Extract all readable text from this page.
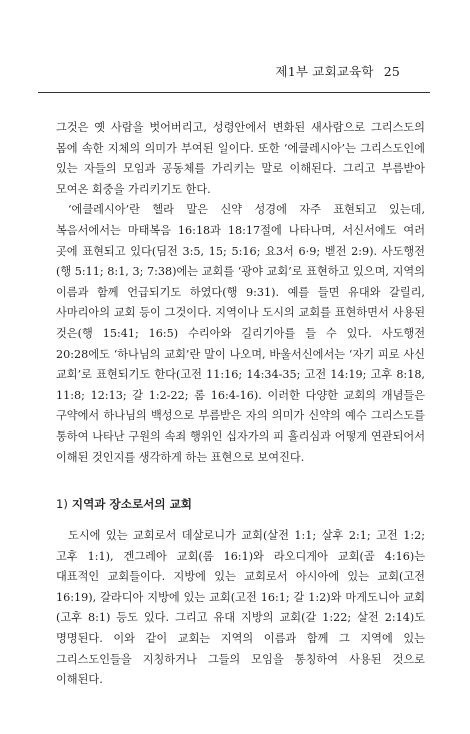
제1부 교회교육학 25

그것은 옛 사람을 벗어버리고, 성령안에서 변화된 새사람으로 그리스도의 몸에 속한 지체의 의미가 부여된 일이다. 또한 ‘에클레시아’는 그리스도인에 있는 자들의 모임과 공동체를 가리키는 말로 이해된다. 그리고 부름받아 모여온 회중을 가리키기도 한다.

‘에클레시아’란 헬라 말은 신약 성경에 자주 표현되고 있는데, 복음서에서는 마태복음 16:18과 18:17절에 나타나며, 서신서에도 여러 곳에 표현되고 있다(딤전 3:5, 15; 5:16; 요3서 6·9; 벧전 2:9). 사도행전(행 5:11; 8:1, 3; 7:38)에는 교회를 ‘광야 교회’로 표현하고 있으며, 지역의 이름과 함께 언급되기도 하였다(행 9:31). 예를 들면 유대와 갈릴리, 사마리아의 교회 등이 그것이다. 지역이나 도시의 교회를 표현하면서 사용된 것은(행 15:41; 16:5) 수리아와 길리기아를 들 수 있다. 사도행전 20:28에도 ‘하나님의 교회’란 말이 나오며, 바울서신에서는 ‘자기 피로 사신 교회’로 표현되기도 한다(고전 11:16; 14:34-35; 고전 14:19; 고후 8:18, 11:8; 12:13; 갈 1:2-22; 롬 16:4-16). 이러한 다양한 교회의 개념들은 구약에서 하나님의 백성으로 부름받은 자의 의미가 신약의 예수 그리스도를 통하여 나타난 구원의 속죄 행위인 십자가의 피 흘리심과 어떻게 연관되어서 이해된 것인지를 생각하게 하는 표현으로 보여진다.

1) 지역과 장소로서의 교회

도시에 있는 교회로서 데살로니가 교회(살전 1:1; 살후 2:1; 고전 1:2; 고후 1:1), 겐그레아 교회(롬 16:1)와 라오디게아 교회(골 4:16)는 대표적인 교회들이다. 지방에 있는 교회로서 아시아에 있는 교회(고전 16:19), 갈라디아 지방에 있는 교회(고전 16:1; 갈 1:2)와 마게도니아 교회(고후 8:1) 등도 있다. 그리고 유대 지방의 교회(갈 1:22; 살전 2:14)도 명명된다. 이와 같이 교회는 지역의 이름과 함께 그 지역에 있는 그리스도인들을 지칭하거나 그들의 모임을 통칭하여 사용된 것으로 이해된다.
